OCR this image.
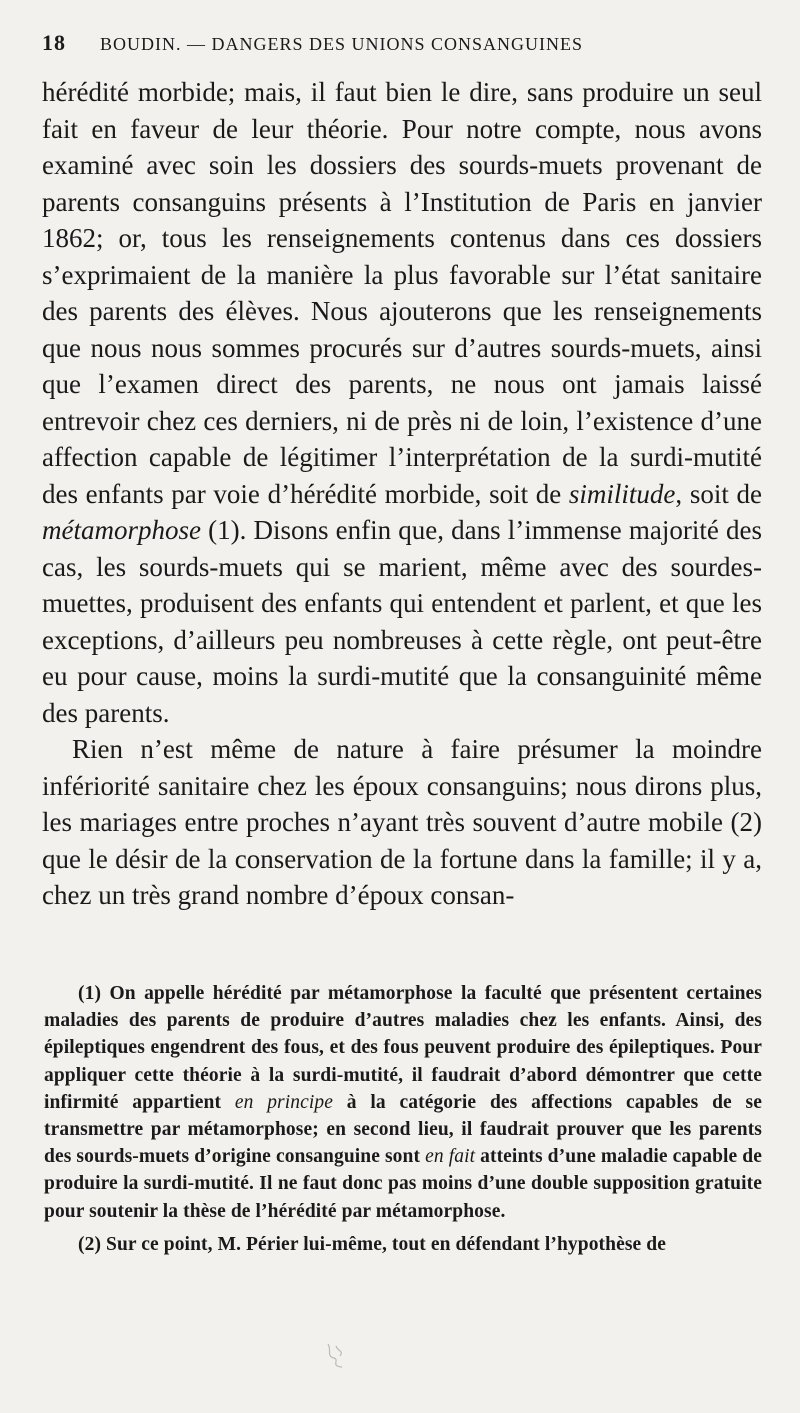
18	BOUDIN. — DANGERS DES UNIONS CONSANGUINES

hérédité morbide; mais, il faut bien le dire, sans produire un seul fait en faveur de leur théorie. Pour notre compte, nous avons examiné avec soin les dossiers des sourds-muets provenant de parents consanguins présents à l’Institution de Paris en janvier 1862; or, tous les renseignements contenus dans ces dossiers s’exprimaient de la manière la plus favorable sur l’état sanitaire des parents des élèves. Nous ajouterons que les renseignements que nous nous sommes procurés sur d’autres sourds-muets, ainsi que l’examen direct des parents, ne nous ont jamais laissé entrevoir chez ces derniers, ni de près ni de loin, l’existence d’une affection capable de légitimer l’interprétation de la surdi-mutité des enfants par voie d’hérédité morbide, soit de similitude, soit de métamorphose (1). Disons enfin que, dans l’immense majorité des cas, les sourds-muets qui se marient, même avec des sourdes-muettes, produisent des enfants qui entendent et parlent, et que les exceptions, d’ailleurs peu nombreuses à cette règle, ont peut-être eu pour cause, moins la surdi-mutité que la consanguinité même des parents.

Rien n’est même de nature à faire présumer la moindre infériorité sanitaire chez les époux consanguins; nous dirons plus, les mariages entre proches n’ayant très souvent d’autre mobile (2) que le désir de la conservation de la fortune dans la famille; il y a, chez un très grand nombre d’époux consan-

(1) On appelle hérédité par métamorphose la faculté que présentent certaines maladies des parents de produire d’autres maladies chez les enfants. Ainsi, des épileptiques engendrent des fous, et des fous peuvent produire des épileptiques. Pour appliquer cette théorie à la surdi-mutité, il faudrait d’abord démontrer que cette infirmité appartient en principe à la catégorie des affections capables de se transmettre par métamorphose; en second lieu, il faudrait prouver que les parents des sourds-muets d’origine consanguine sont en fait atteints d’une maladie capable de produire la surdi-mutité. Il ne faut donc pas moins d’une double supposition gratuite pour soutenir la thèse de l’hérédité par métamorphose.

(2) Sur ce point, M. Périer lui-même, tout en défendant l’hypothèse de
